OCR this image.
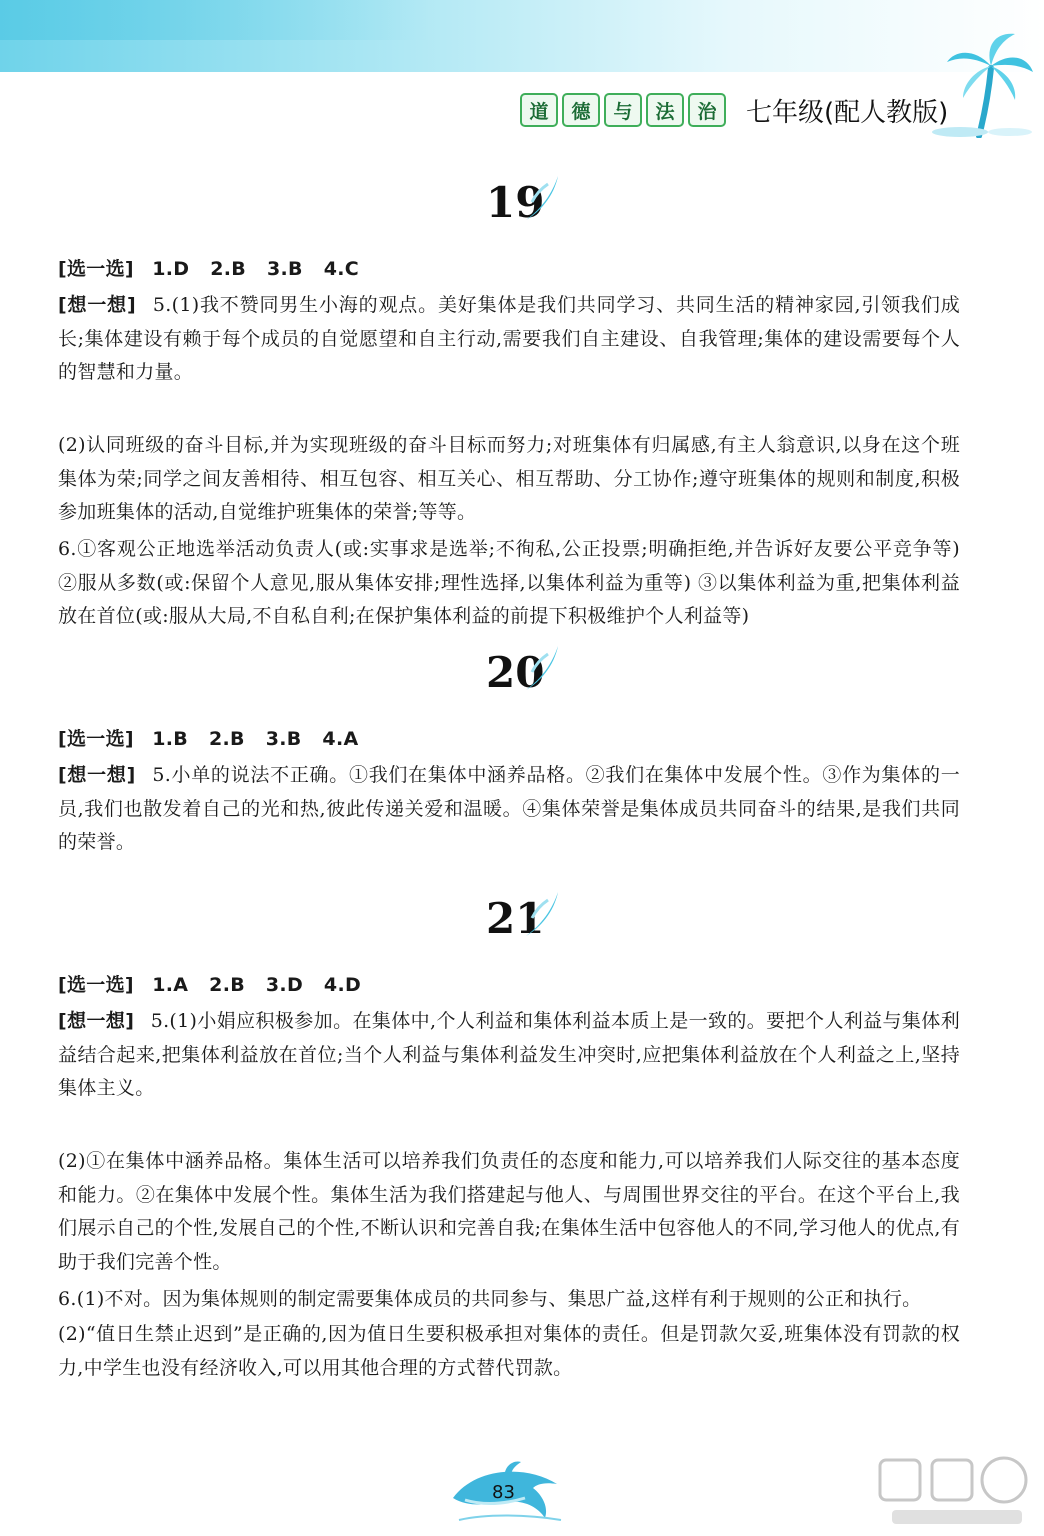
道	德	与	法	治	七年级(配人教版)
19

[选一选] 1.D 2.B 3.B 4.C

[想一想] 5.(1)我不赞同男生小海的观点。美好集体是我们共同学习、共同生活的精神家园,引领我们成长;集体建设有赖于每个成员的自觉愿望和自主行动,需要我们自主建设、自我管理;集体的建设需要每个人的智慧和力量。

(2)认同班级的奋斗目标,并为实现班级的奋斗目标而努力;对班集体有归属感,有主人翁意识,以身在这个班集体为荣;同学之间友善相待、相互包容、相互关心、相互帮助、分工协作;遵守班集体的规则和制度,积极参加班集体的活动,自觉维护班集体的荣誉;等等。

6.①客观公正地选举活动负责人(或:实事求是选举;不徇私,公正投票;明确拒绝,并告诉好友要公平竞争等) ②服从多数(或:保留个人意见,服从集体安排;理性选择,以集体利益为重等) ③以集体利益为重,把集体利益放在首位(或:服从大局,不自私自利;在保护集体利益的前提下积极维护个人利益等)

20

[选一选] 1.B 2.B 3.B 4.A

[想一想] 5.小单的说法不正确。①我们在集体中涵养品格。②我们在集体中发展个性。③作为集体的一员,我们也散发着自己的光和热,彼此传递关爱和温暖。④集体荣誉是集体成员共同奋斗的结果,是我们共同的荣誉。

21

[选一选] 1.A 2.B 3.D 4.D

[想一想] 5.(1)小娟应积极参加。在集体中,个人利益和集体利益本质上是一致的。要把个人利益与集体利益结合起来,把集体利益放在首位;当个人利益与集体利益发生冲突时,应把集体利益放在个人利益之上,坚持集体主义。

(2)①在集体中涵养品格。集体生活可以培养我们负责任的态度和能力,可以培养我们人际交往的基本态度和能力。②在集体中发展个性。集体生活为我们搭建起与他人、与周围世界交往的平台。在这个平台上,我们展示自己的个性,发展自己的个性,不断认识和完善自我;在集体生活中包容他人的不同,学习他人的优点,有助于我们完善个性。

6.(1)不对。因为集体规则的制定需要集体成员的共同参与、集思广益,这样有利于规则的公正和执行。

(2)“值日生禁止迟到”是正确的,因为值日生要积极承担对集体的责任。但是罚款欠妥,班集体没有罚款的权力,中学生也没有经济收入,可以用其他合理的方式替代罚款。

83
